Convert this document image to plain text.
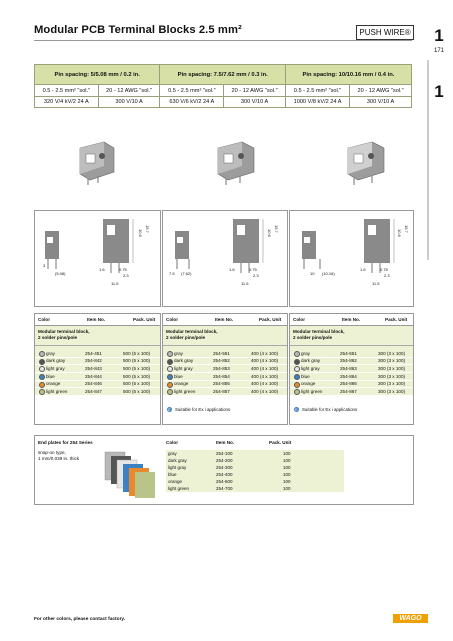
Modular PCB Terminal Blocks 2.5 mm²	PUSH WIRE® 1
171
1
Pin spacing: 5/5.08 mm / 0.2 in.		Pin spacing: 7.5/7.62 mm / 0.3 in.		Pin spacing: 10/10.16 mm / 0.4 in.	
0.5 - 2.5 mm² "sol."	20 - 12 AWG "sol."	0.5 - 2.5 mm² "sol."	20 - 12 AWG "sol."	0.5 - 2.5 mm² "sol."	20 - 12 AWG "sol."
320 V/4 kV/2 24 A	300 V/10 A	630 V/6 kV/2 24 A	300 V/10 A	1000 V/8 kV/2 24 A	300 V/10 A
10.6
15.7
3
(5.08)
1.6	0.75
2.3
11.5
10.6
15.7
7.5 (7.62)
1.6	0.75
2.3
11.5
10.6
15.7
10 (10.16)
1.6	0.75
2.3
11.5
Color	Item No.	Pack. Unit
Modular terminal block,
2 solder pins/pole
gray	254-451	500 (5 x 100)
dark gray	254-842	500 (5 x 100)
light gray	254-843	500 (5 x 100)
blue	254-844	500 (5 x 100)
orange	254-846	500 (5 x 100)
light green	254-847	500 (5 x 100)
Color	Item No.	Pack. Unit
Modular terminal block,
2 solder pins/pole
gray	254-551	400 (4 x 100)
dark gray	254-852	400 (4 x 100)
light gray	254-853	400 (4 x 100)
blue	254-854	400 (4 x 100)
orange	254-856	400 (4 x 100)
light green	254-857	400 (4 x 100)
E Suitable for Ex i applications
Color	Item No.	Pack. Unit
Modular terminal block,
2 solder pins/pole
gray	254-651	300 (3 x 100)
dark gray	254-862	300 (3 x 100)
light gray	254-863	300 (3 x 100)
blue	254-864	300 (3 x 100)
orange	254-866	300 (3 x 100)
light green	254-867	300 (3 x 100)
E Suitable for Ex i applications
End plates for 254 Series
snap-on type,
1 mm/0.039 in. thick
Color	Item No.	Pack. Unit
gray	254-100	100
dark gray	254-200	100
light gray	254-300	100
blue	254-400	100
orange	254-600	100
light green	254-700	100
For other colors, please contact factory.	WAGO
